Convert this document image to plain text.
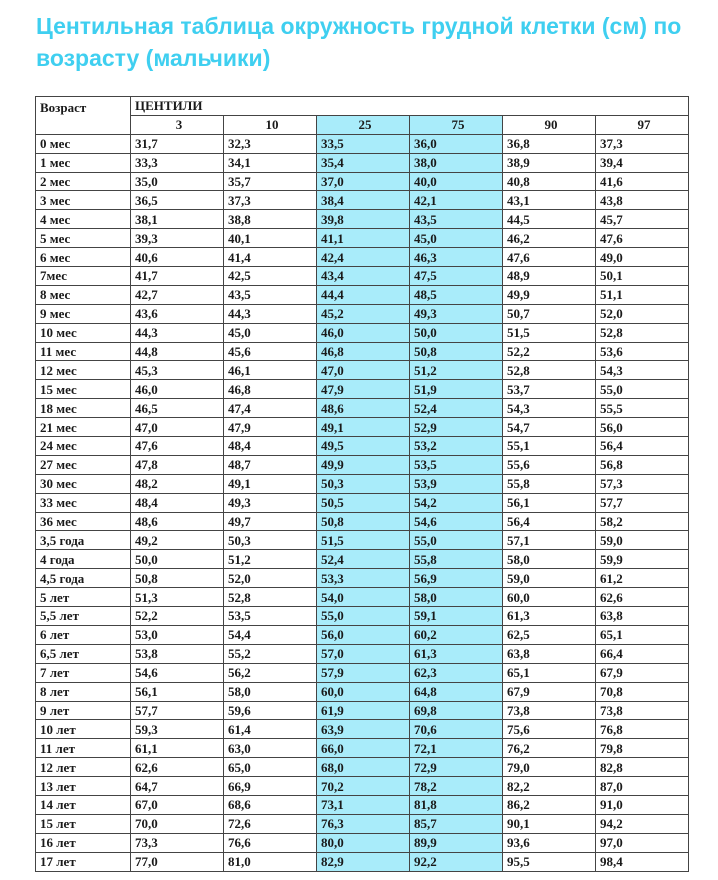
Центильная таблица окружность грудной клетки (см) по возрасту (мальчики)
Возраст	ЦЕНТИЛИ					
	3	10	25	75	90	97
0 мес	31,7	32,3	33,5	36,0	36,8	37,3
1 мес	33,3	34,1	35,4	38,0	38,9	39,4
2 мес	35,0	35,7	37,0	40,0	40,8	41,6
3 мес	36,5	37,3	38,4	42,1	43,1	43,8
4 мес	38,1	38,8	39,8	43,5	44,5	45,7
5 мес	39,3	40,1	41,1	45,0	46,2	47,6
6 мес	40,6	41,4	42,4	46,3	47,6	49,0
7мес	41,7	42,5	43,4	47,5	48,9	50,1
8 мес	42,7	43,5	44,4	48,5	49,9	51,1
9 мес	43,6	44,3	45,2	49,3	50,7	52,0
10 мес	44,3	45,0	46,0	50,0	51,5	52,8
11 мес	44,8	45,6	46,8	50,8	52,2	53,6
12 мес	45,3	46,1	47,0	51,2	52,8	54,3
15 мес	46,0	46,8	47,9	51,9	53,7	55,0
18 мес	46,5	47,4	48,6	52,4	54,3	55,5
21 мес	47,0	47,9	49,1	52,9	54,7	56,0
24 мес	47,6	48,4	49,5	53,2	55,1	56,4
27 мес	47,8	48,7	49,9	53,5	55,6	56,8
30 мес	48,2	49,1	50,3	53,9	55,8	57,3
33 мес	48,4	49,3	50,5	54,2	56,1	57,7
36 мес	48,6	49,7	50,8	54,6	56,4	58,2
3,5 года	49,2	50,3	51,5	55,0	57,1	59,0
4 года	50,0	51,2	52,4	55,8	58,0	59,9
4,5 года	50,8	52,0	53,3	56,9	59,0	61,2
5 лет	51,3	52,8	54,0	58,0	60,0	62,6
5,5 лет	52,2	53,5	55,0	59,1	61,3	63,8
6 лет	53,0	54,4	56,0	60,2	62,5	65,1
6,5 лет	53,8	55,2	57,0	61,3	63,8	66,4
7 лет	54,6	56,2	57,9	62,3	65,1	67,9
8 лет	56,1	58,0	60,0	64,8	67,9	70,8
9 лет	57,7	59,6	61,9	69,8	73,8	73,8
10 лет	59,3	61,4	63,9	70,6	75,6	76,8
11 лет	61,1	63,0	66,0	72,1	76,2	79,8
12 лет	62,6	65,0	68,0	72,9	79,0	82,8
13 лет	64,7	66,9	70,2	78,2	82,2	87,0
14 лет	67,0	68,6	73,1	81,8	86,2	91,0
15 лет	70,0	72,6	76,3	85,7	90,1	94,2
16 лет	73,3	76,6	80,0	89,9	93,6	97,0
17 лет	77,0	81,0	82,9	92,2	95,5	98,4
